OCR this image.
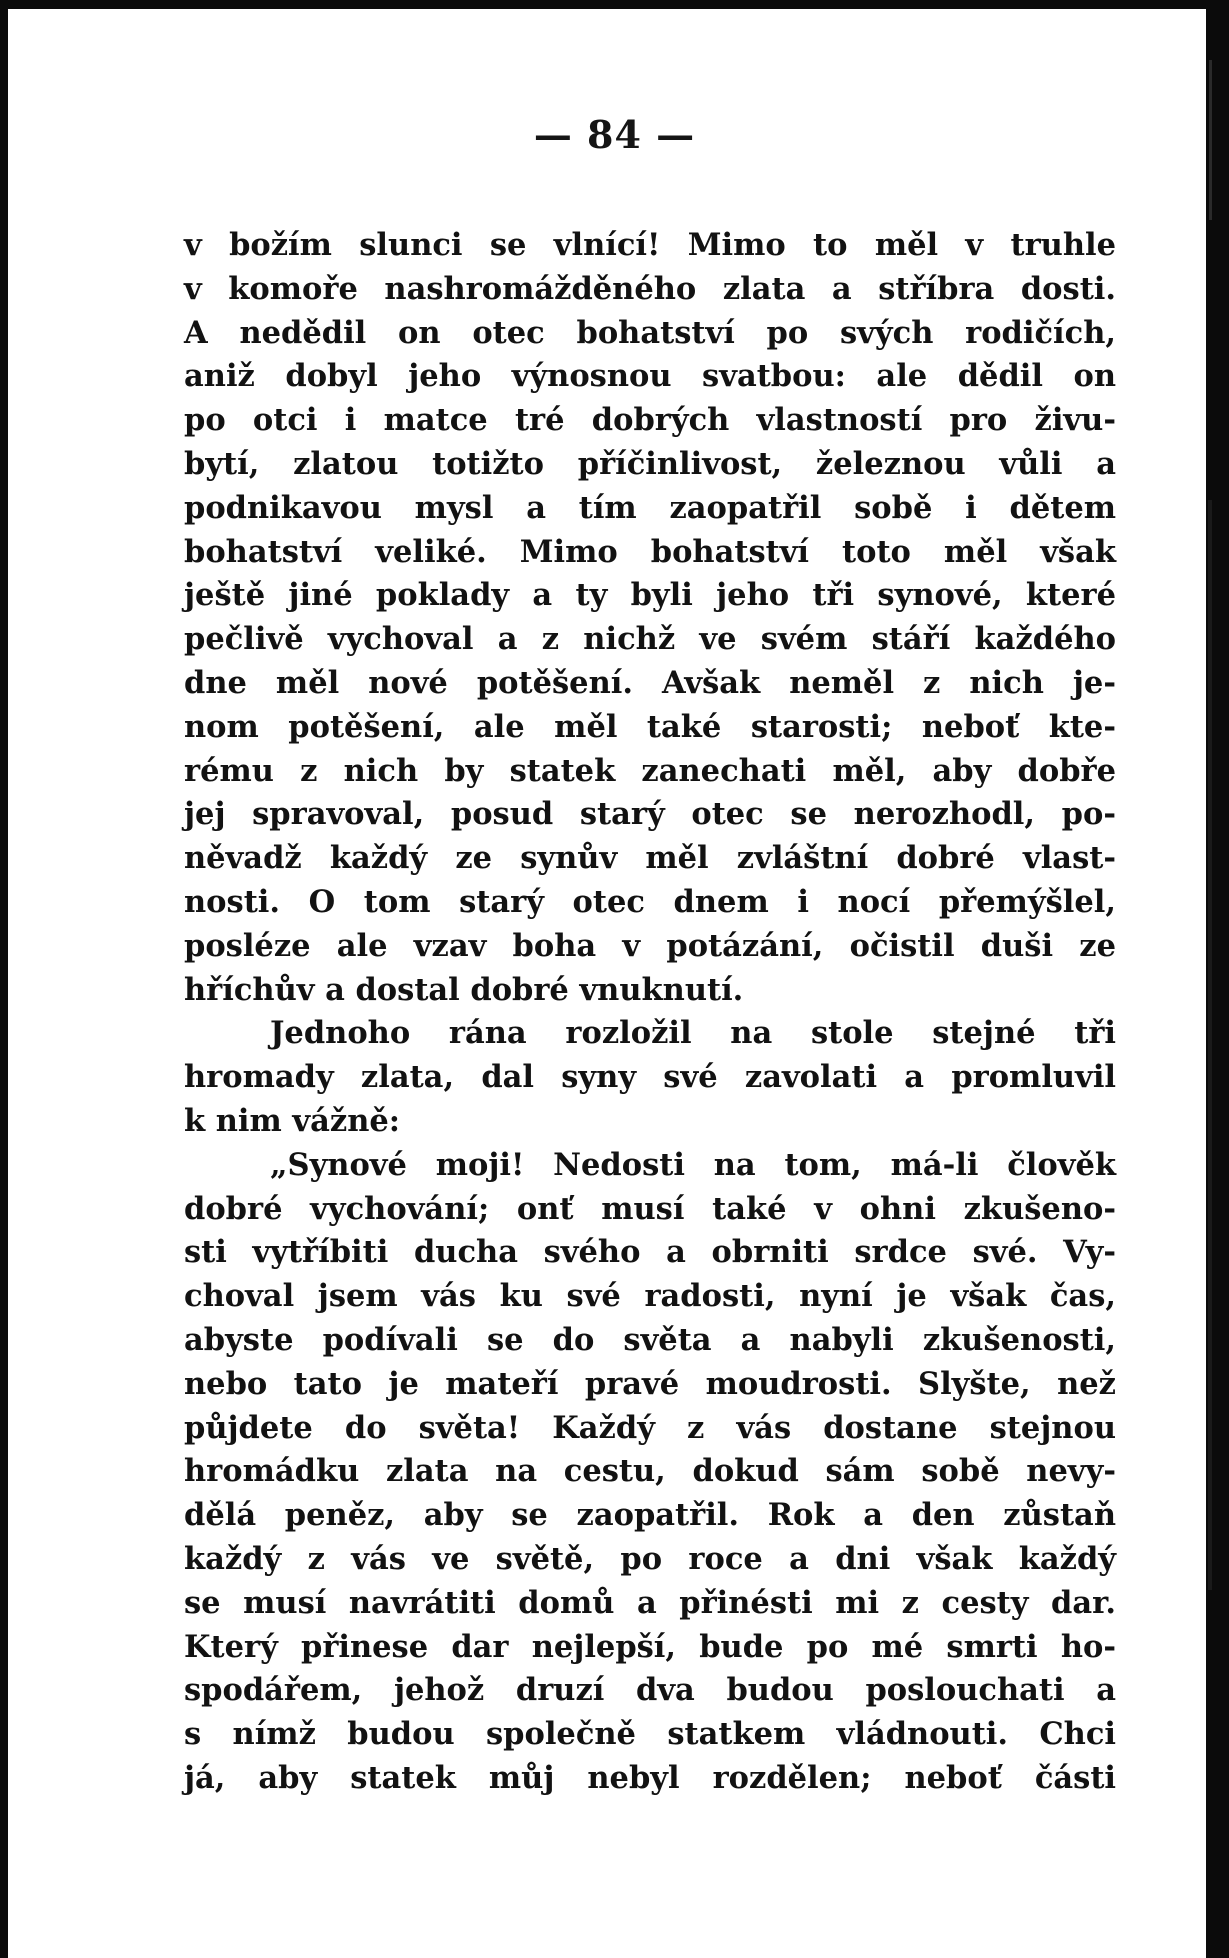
— 84 —
v božím slunci se vlnící! Mimo to měl v truhle
v komoře nashromážděného zlata a stříbra dosti.
A nedědil on otec bohatství po svých rodičích,
aniž dobyl jeho výnosnou svatbou: ale dědil on
po otci i matce tré dobrých vlastností pro živu-
bytí, zlatou totižto příčinlivost, železnou vůli a
podnikavou mysl a tím zaopatřil sobě i dětem
bohatství veliké. Mimo bohatství toto měl však
ještě jiné poklady a ty byli jeho tři synové, které
pečlivě vychoval a z nichž ve svém stáří každého
dne měl nové potěšení. Avšak neměl z nich je-
nom potěšení, ale měl také starosti; neboť kte-
rému z nich by statek zanechati měl, aby dobře
jej spravoval, posud starý otec se nerozhodl, po-
něvadž každý ze synův měl zvláštní dobré vlast-
nosti. O tom starý otec dnem i nocí přemýšlel,
posléze ale vzav boha v potázání, očistil duši ze
hříchův a dostal dobré vnuknutí.
Jednoho rána rozložil na stole stejné tři
hromady zlata, dal syny své zavolati a promluvil
k nim vážně:
„Synové moji! Nedosti na tom, má-li člověk
dobré vychování; onť musí také v ohni zkušeno-
sti vytříbiti ducha svého a obrniti srdce své. Vy-
choval jsem vás ku své radosti, nyní je však čas,
abyste podívali se do světa a nabyli zkušenosti,
nebo tato je mateří pravé moudrosti. Slyšte, než
půjdete do světa! Každý z vás dostane stejnou
hromádku zlata na cestu, dokud sám sobě nevy-
dělá peněz, aby se zaopatřil. Rok a den zůstaň
každý z vás ve světě, po roce a dni však každý
se musí navrátiti domů a přinésti mi z cesty dar.
Který přinese dar nejlepší, bude po mé smrti ho-
spodářem, jehož druzí dva budou poslouchati a
s nímž budou společně statkem vládnouti. Chci
já, aby statek můj nebyl rozdělen; neboť části
